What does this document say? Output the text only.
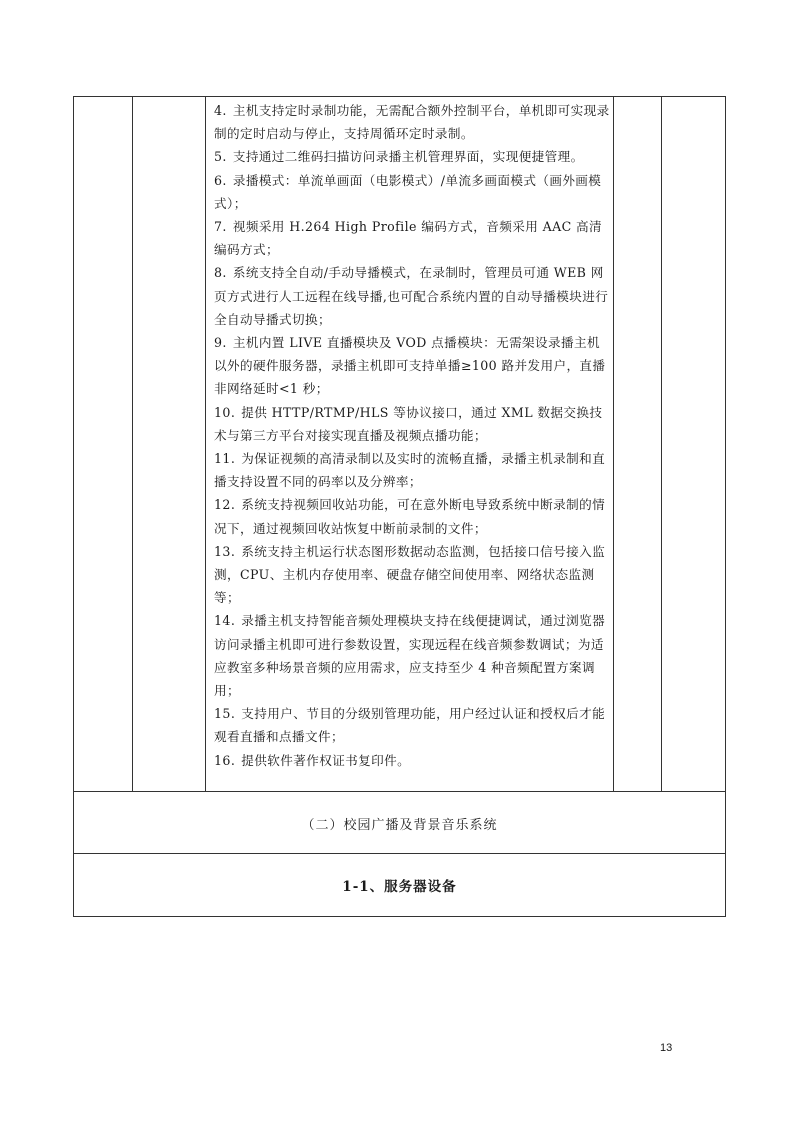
4. 主机支持定时录制功能，无需配合额外控制平台，单机即可实现录制的定时启动与停止，支持周循环定时录制。

5. 支持通过二维码扫描访问录播主机管理界面，实现便捷管理。

6. 录播模式：单流单画面（电影模式）/单流多画面模式（画外画模式）；

7. 视频采用 H.264 High Profile 编码方式，音频采用 AAC 高清编码方式；

8. 系统支持全自动/手动导播模式，在录制时，管理员可通 WEB 网页方式进行人工远程在线导播,也可配合系统内置的自动导播模块进行全自动导播式切换；

9. 主机内置 LIVE 直播模块及 VOD 点播模块：无需架设录播主机以外的硬件服务器，录播主机即可支持单播≥100 路并发用户，直播非网络延时<1 秒；

10. 提供 HTTP/RTMP/HLS 等协议接口，通过 XML 数据交换技术与第三方平台对接实现直播及视频点播功能；

11. 为保证视频的高清录制以及实时的流畅直播，录播主机录制和直播支持设置不同的码率以及分辨率；

12. 系统支持视频回收站功能，可在意外断电导致系统中断录制的情况下，通过视频回收站恢复中断前录制的文件；

13. 系统支持主机运行状态图形数据动态监测，包括接口信号接入监测，CPU、主机内存使用率、硬盘存储空间使用率、网络状态监测等；

14. 录播主机支持智能音频处理模块支持在线便捷调试，通过浏览器访问录播主机即可进行参数设置，实现远程在线音频参数调试；为适应教室多种场景音频的应用需求，应支持至少 4 种音频配置方案调用；

15. 支持用户、节目的分级别管理功能，用户经过认证和授权后才能观看直播和点播文件；

16. 提供软件著作权证书复印件。

（二）校园广播及背景音乐系统
1-1、服务器设备
13
